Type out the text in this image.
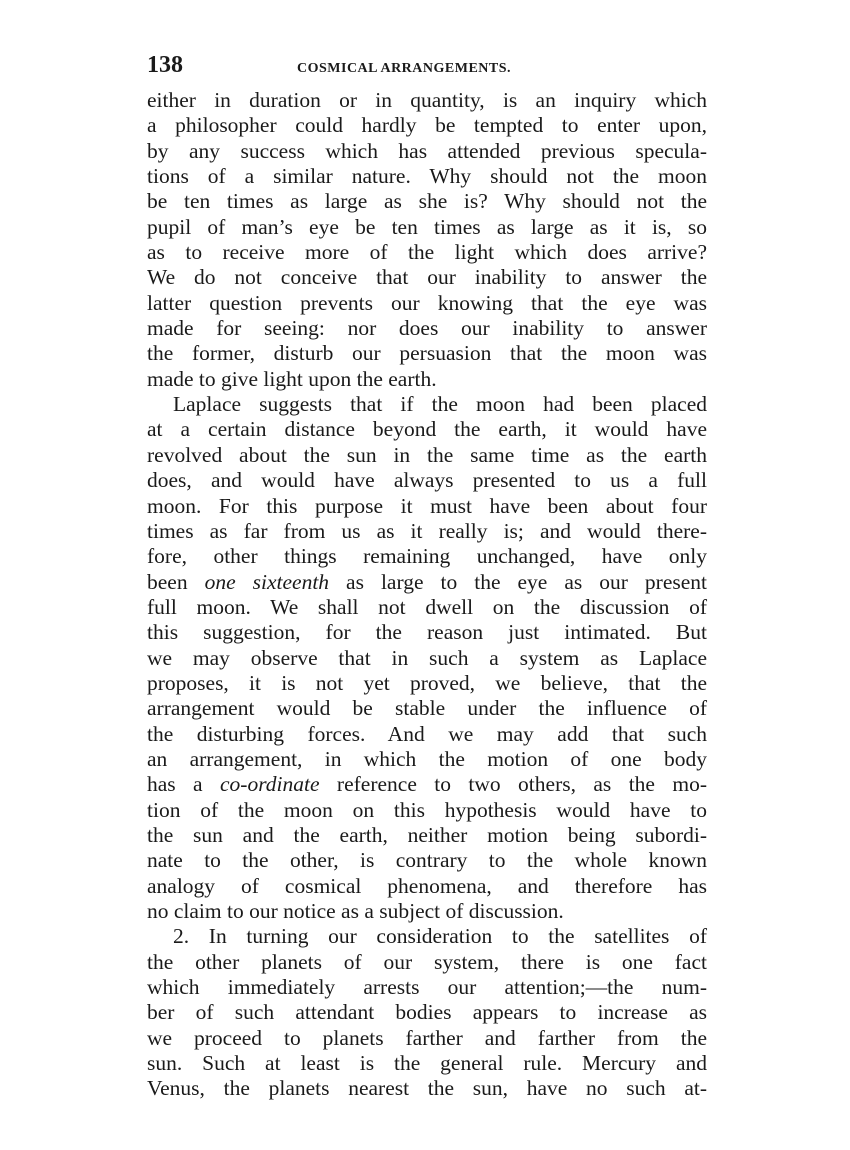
138	COSMICAL ARRANGEMENTS.
either in duration or in quantity, is an inquiry which
a philosopher could hardly be tempted to enter upon,
by any success which has attended previous specula-
tions of a similar nature. Why should not the moon
be ten times as large as she is? Why should not the
pupil of man’s eye be ten times as large as it is, so
as to receive more of the light which does arrive?
We do not conceive that our inability to answer the
latter question prevents our knowing that the eye was
made for seeing: nor does our inability to answer
the former, disturb our persuasion that the moon was
made to give light upon the earth.
Laplace suggests that if the moon had been placed
at a certain distance beyond the earth, it would have
revolved about the sun in the same time as the earth
does, and would have always presented to us a full
moon. For this purpose it must have been about four
times as far from us as it really is; and would there-
fore, other things remaining unchanged, have only
been one sixteenth as large to the eye as our present
full moon. We shall not dwell on the discussion of
this suggestion, for the reason just intimated. But
we may observe that in such a system as Laplace
proposes, it is not yet proved, we believe, that the
arrangement would be stable under the influence of
the disturbing forces. And we may add that such
an arrangement, in which the motion of one body
has a co-ordinate reference to two others, as the mo-
tion of the moon on this hypothesis would have to
the sun and the earth, neither motion being subordi-
nate to the other, is contrary to the whole known
analogy of cosmical phenomena, and therefore has
no claim to our notice as a subject of discussion.
2. In turning our consideration to the satellites of
the other planets of our system, there is one fact
which immediately arrests our attention;—the num-
ber of such attendant bodies appears to increase as
we proceed to planets farther and farther from the
sun. Such at least is the general rule. Mercury and
Venus, the planets nearest the sun, have no such at-
